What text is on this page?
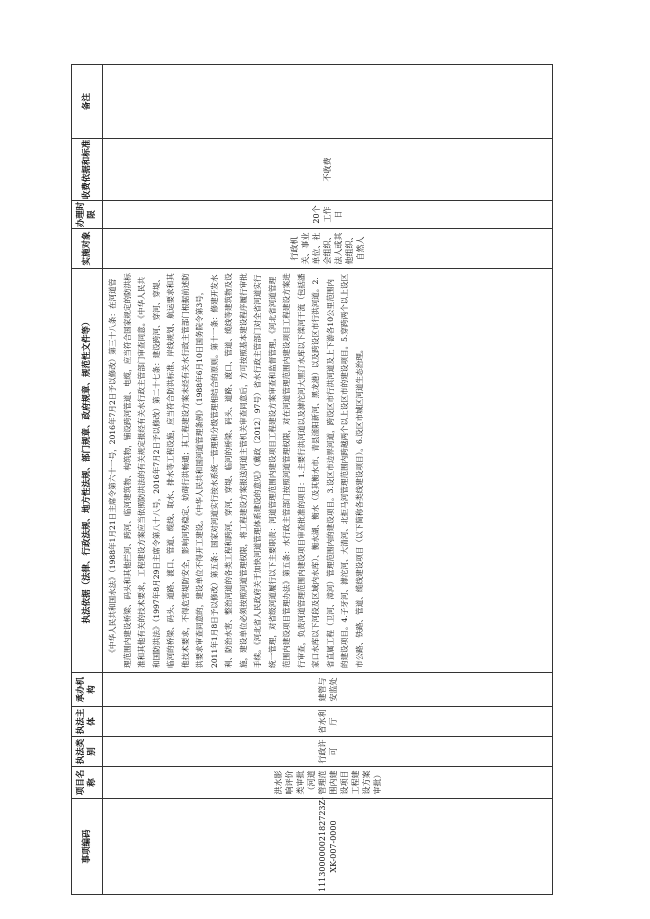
事项编码	项目名称	执法类别	执法主体	承办机构	执法依据（法律、行政法规、地方性法规、部门规章、政府规章、规范性文件等）	实施对象	办理时限	收费依据和标准	备注
11130000002182723Z-XK-007-0000	洪水影响评价类审批（河道管理范围内建设项目工程建设方案审批）	行政许可	省水利厅	建管与安监处	《中华人民共和国水法》（1988年1月21日主席令第六十一号，2016年7月2日予以修改）第三十八条：在河道管理范围内建设桥梁、码头和其他拦河、跨河、临河建筑物、构筑物，铺设跨河管道、电缆，应当符合国家规定的防洪标准和其他有关的技术要求，工程建设方案应当依照防洪法的有关规定报经有关水行政主管部门审查同意。《中华人民共和国防洪法》（1997年8月29日主席令第八十八号，2016年7月2日予以修改）第二十七条：建设跨河、穿河、穿堤、临河的桥梁、码头、道路、渡口、管道、缆线、取水、排水等工程设施，应当符合防洪标准、岸线规划、航运要求和其他技术要求，不得危害堤防安全，影响河势稳定、妨碍行洪畅通；其工程建设方案未经有关水行政主管部门根据前述防洪要求审查同意的，建设单位不得开工建设。《中华人民共和国河道管理条例》（1988年6月10日国务院令第3号，2011年1月8日予以修改）第五条：国家对河道实行按水系统一管理和分级管理相结合的原则。第十一条：修建开发水利、防治水害、整治河道的各类工程和跨河、穿河、穿堤、临河的桥梁、码头、道路、渡口、管道、缆线等建筑物及设施，建设单位必须按照河道管理权限，将工程建设方案报送河道主管机关审查同意后，方可按照基本建设程序履行审批手续。《河北省人民政府关于加快河道管理体系建设的意见》（冀政〔2012〕97号）省水行政主管部门对全省河道实行统一管理，对省级河道履行以下主要职责：河道管理范围内建设项目工程建设方案审查和监督管理。《河北省河道管理范围内建设项目管理办法》第五条：水行政主管部门按照河道管理权限，对在河道管理范围内建设项目工程建设方案进行审查，负责河道管理范围内建设项目审查批准的项目：1.主要行洪河道以及滹沱河大黑汀水库以下滦河干流（包括潘家口水库以下河段及区域内水库）、衡水湖、衡水（及其衡水市、青县滏阳新河、黑龙港）以及跨设区市行洪河道。2.省直属工程（卫河、漳河）管理范围内的建设项目。3.设区市边界河道，跨设区市行洪河道及上下游各10公里范围内的建设项目。4.子牙河、滹沱河、大清河、北拒马河管理范围内跨越两个以上设区市的建设项目。5.穿跨两个以上设区市公路、铁路、管道、缆线建设项目（以下简称各类线建设项目）。6.设区市城区河道生态治理。	行政机关、事业单位、社会组织、法人或其他组织、自然人	20个工作日	不收费	
